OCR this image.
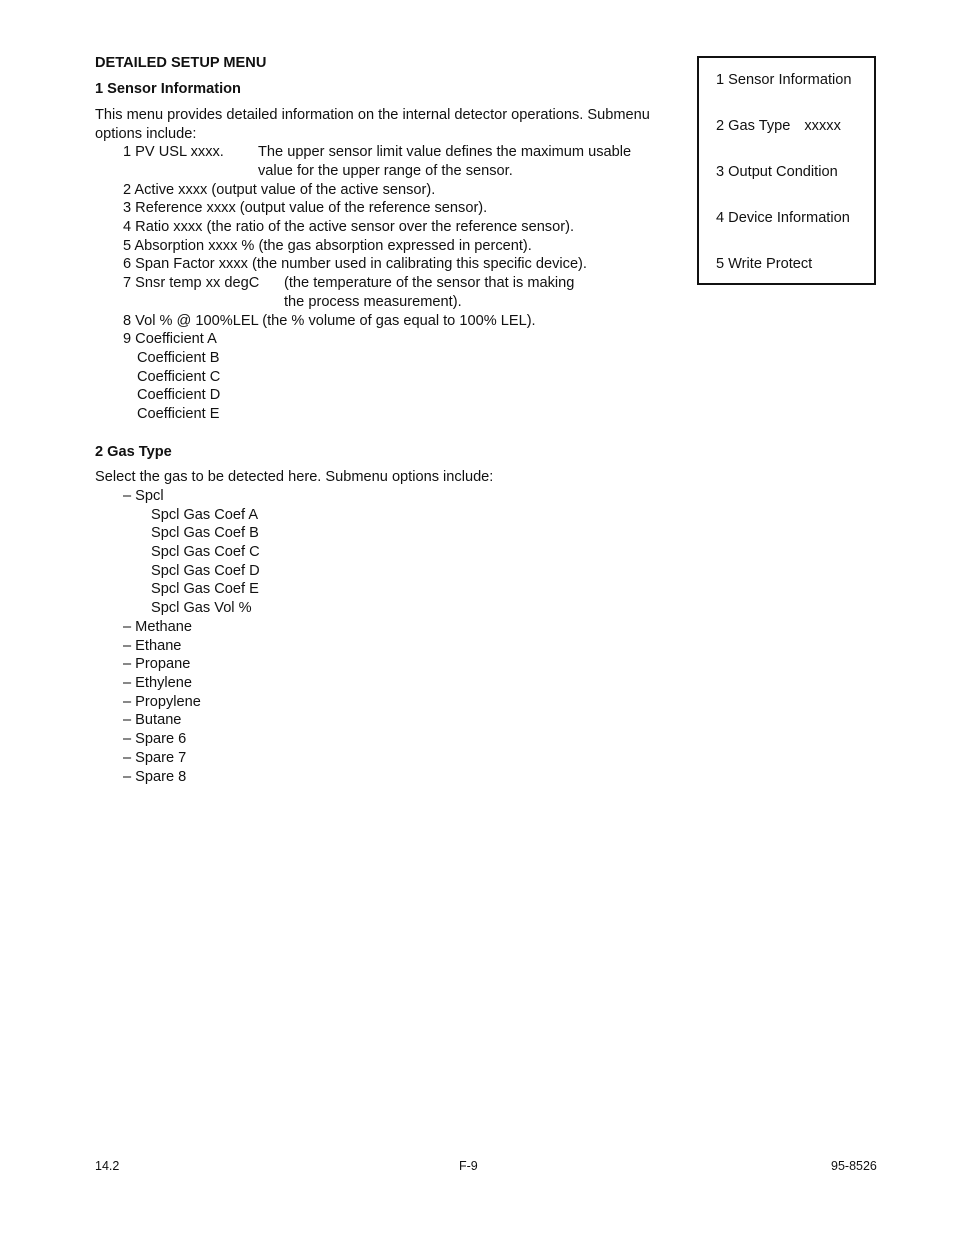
DETAILED SETUP MENU
1 Sensor Information
This menu provides detailed information on the internal detector operations. Submenu
options include:
1 PV USL xxxx. The upper sensor limit value defines the maximum usable
value for the upper range of the sensor.
2 Active xxxx (output value of the active sensor).
3 Reference xxxx (output value of the reference sensor).
4 Ratio xxxx (the ratio of the active sensor over the reference sensor).
5 Absorption xxxx % (the gas absorption expressed in percent).
6 Span Factor xxxx (the number used in calibrating this specific device).
7 Snsr temp xx degC (the temperature of the sensor that is making
the process measurement).
8 Vol % @ 100%LEL (the % volume of gas equal to 100% LEL).
9 Coefficient A
Coefficient B
Coefficient C
Coefficient D
Coefficient E
2 Gas Type
Select the gas to be detected here. Submenu options include:
– Spcl
Spcl Gas Coef A
Spcl Gas Coef B
Spcl Gas Coef C
Spcl Gas Coef D
Spcl Gas Coef E
Spcl Gas Vol %
– Methane
– Ethane
– Propane
– Ethylene
– Propylene
– Butane
– Spare 6
– Spare 7
– Spare 8
1 Sensor Information
2 Gas Type xxxxx
3 Output Condition
4 Device Information
5 Write Protect
14.2	F-9	95-8526
